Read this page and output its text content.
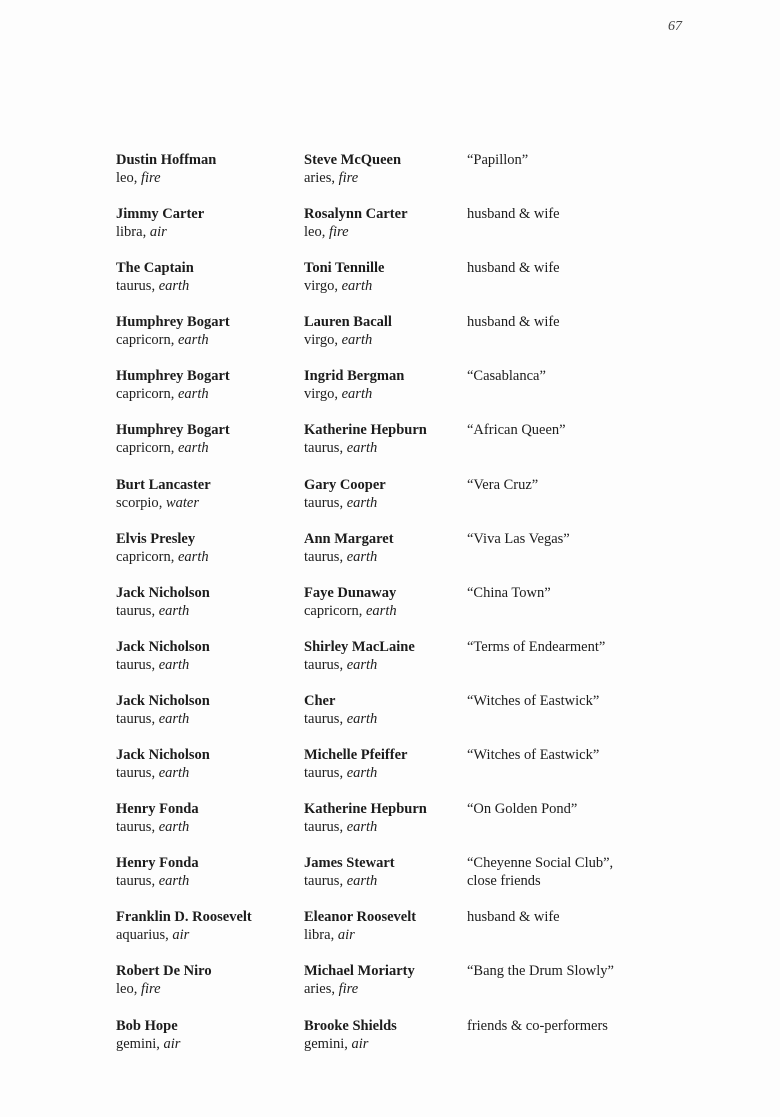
67
Dustin Hoffman
leo, fire
Steve McQueen
aries, fire
“Papillon”
Jimmy Carter
libra, air
Rosalynn Carter
leo, fire
husband & wife
The Captain
taurus, earth
Toni Tennille
virgo, earth
husband & wife
Humphrey Bogart
capricorn, earth
Lauren Bacall
virgo, earth
husband & wife
Humphrey Bogart
capricorn, earth
Ingrid Bergman
virgo, earth
“Casablanca”
Humphrey Bogart
capricorn, earth
Katherine Hepburn
taurus, earth
“African Queen”
Burt Lancaster
scorpio, water
Gary Cooper
taurus, earth
“Vera Cruz”
Elvis Presley
capricorn, earth
Ann Margaret
taurus, earth
“Viva Las Vegas”
Jack Nicholson
taurus, earth
Faye Dunaway
capricorn, earth
“China Town”
Jack Nicholson
taurus, earth
Shirley MacLaine
taurus, earth
“Terms of Endearment”
Jack Nicholson
taurus, earth
Cher
taurus, earth
“Witches of Eastwick”
Jack Nicholson
taurus, earth
Michelle Pfeiffer
taurus, earth
“Witches of Eastwick”
Henry Fonda
taurus, earth
Katherine Hepburn
taurus, earth
“On Golden Pond”
Henry Fonda
taurus, earth
James Stewart
taurus, earth
“Cheyenne Social Club”,
close friends
Franklin D. Roosevelt
aquarius, air
Eleanor Roosevelt
libra, air
husband & wife
Robert De Niro
leo, fire
Michael Moriarty
aries, fire
“Bang the Drum Slowly”
Bob Hope
gemini, air
Brooke Shields
gemini, air
friends & co-performers
